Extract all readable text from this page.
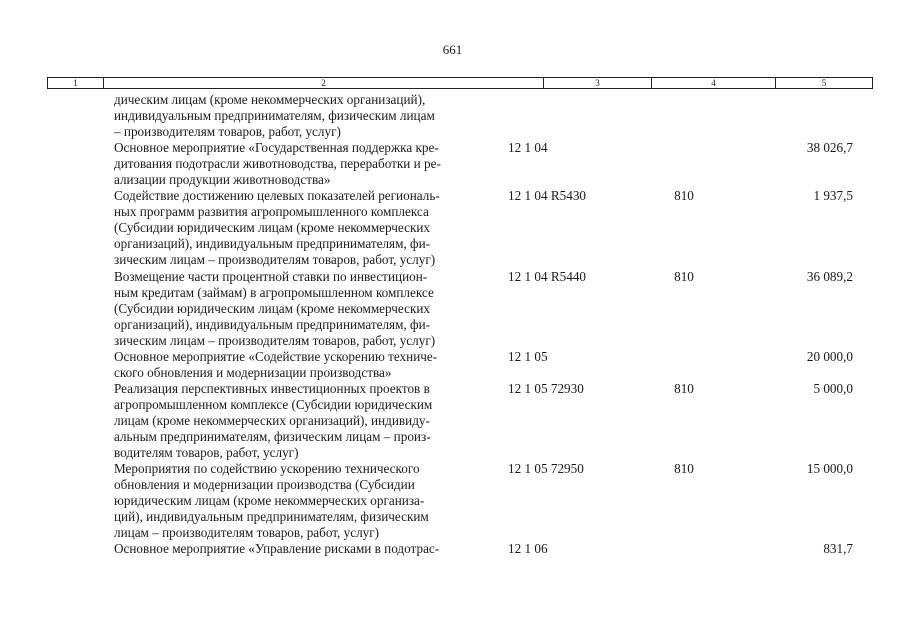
661
1	2	3	4	5
дическим лицам (кроме некоммерческих организаций),
индивидуальным предпринимателям, физическим лицам
– производителям товаров, работ, услуг)
Основное мероприятие «Государственная поддержка кре-
дитования подотрасли животноводства, переработки и ре-
ализации продукции животноводства»
12 1 04	38 026,7
Содействие достижению целевых показателей региональ-
ных программ развития агропромышленного комплекса
(Субсидии юридическим лицам (кроме некоммерческих
организаций), индивидуальным предпринимателям, фи-
зическим лицам – производителям товаров, работ, услуг)
12 1 04 R5430	810	1 937,5
Возмещение части процентной ставки по инвестицион-
ным кредитам (займам) в агропромышленном комплексе
(Субсидии юридическим лицам (кроме некоммерческих
организаций), индивидуальным предпринимателям, фи-
зическим лицам – производителям товаров, работ, услуг)
12 1 04 R5440	810	36 089,2
Основное мероприятие «Содействие ускорению техниче-
ского обновления и модернизации производства»
12 1 05	20 000,0
Реализация перспективных инвестиционных проектов в
агропромышленном комплексе (Субсидии юридическим
лицам (кроме некоммерческих организаций), индивиду-
альным предпринимателям, физическим лицам – произ-
водителям товаров, работ, услуг)
12 1 05 72930	810	5 000,0
Мероприятия по содействию ускорению технического
обновления и модернизации производства (Субсидии
юридическим лицам (кроме некоммерческих организа-
ций), индивидуальным предпринимателям, физическим
лицам – производителям товаров, работ, услуг)
12 1 05 72950	810	15 000,0
Основное мероприятие «Управление рисками в подотрас-	12 1 06	831,7
